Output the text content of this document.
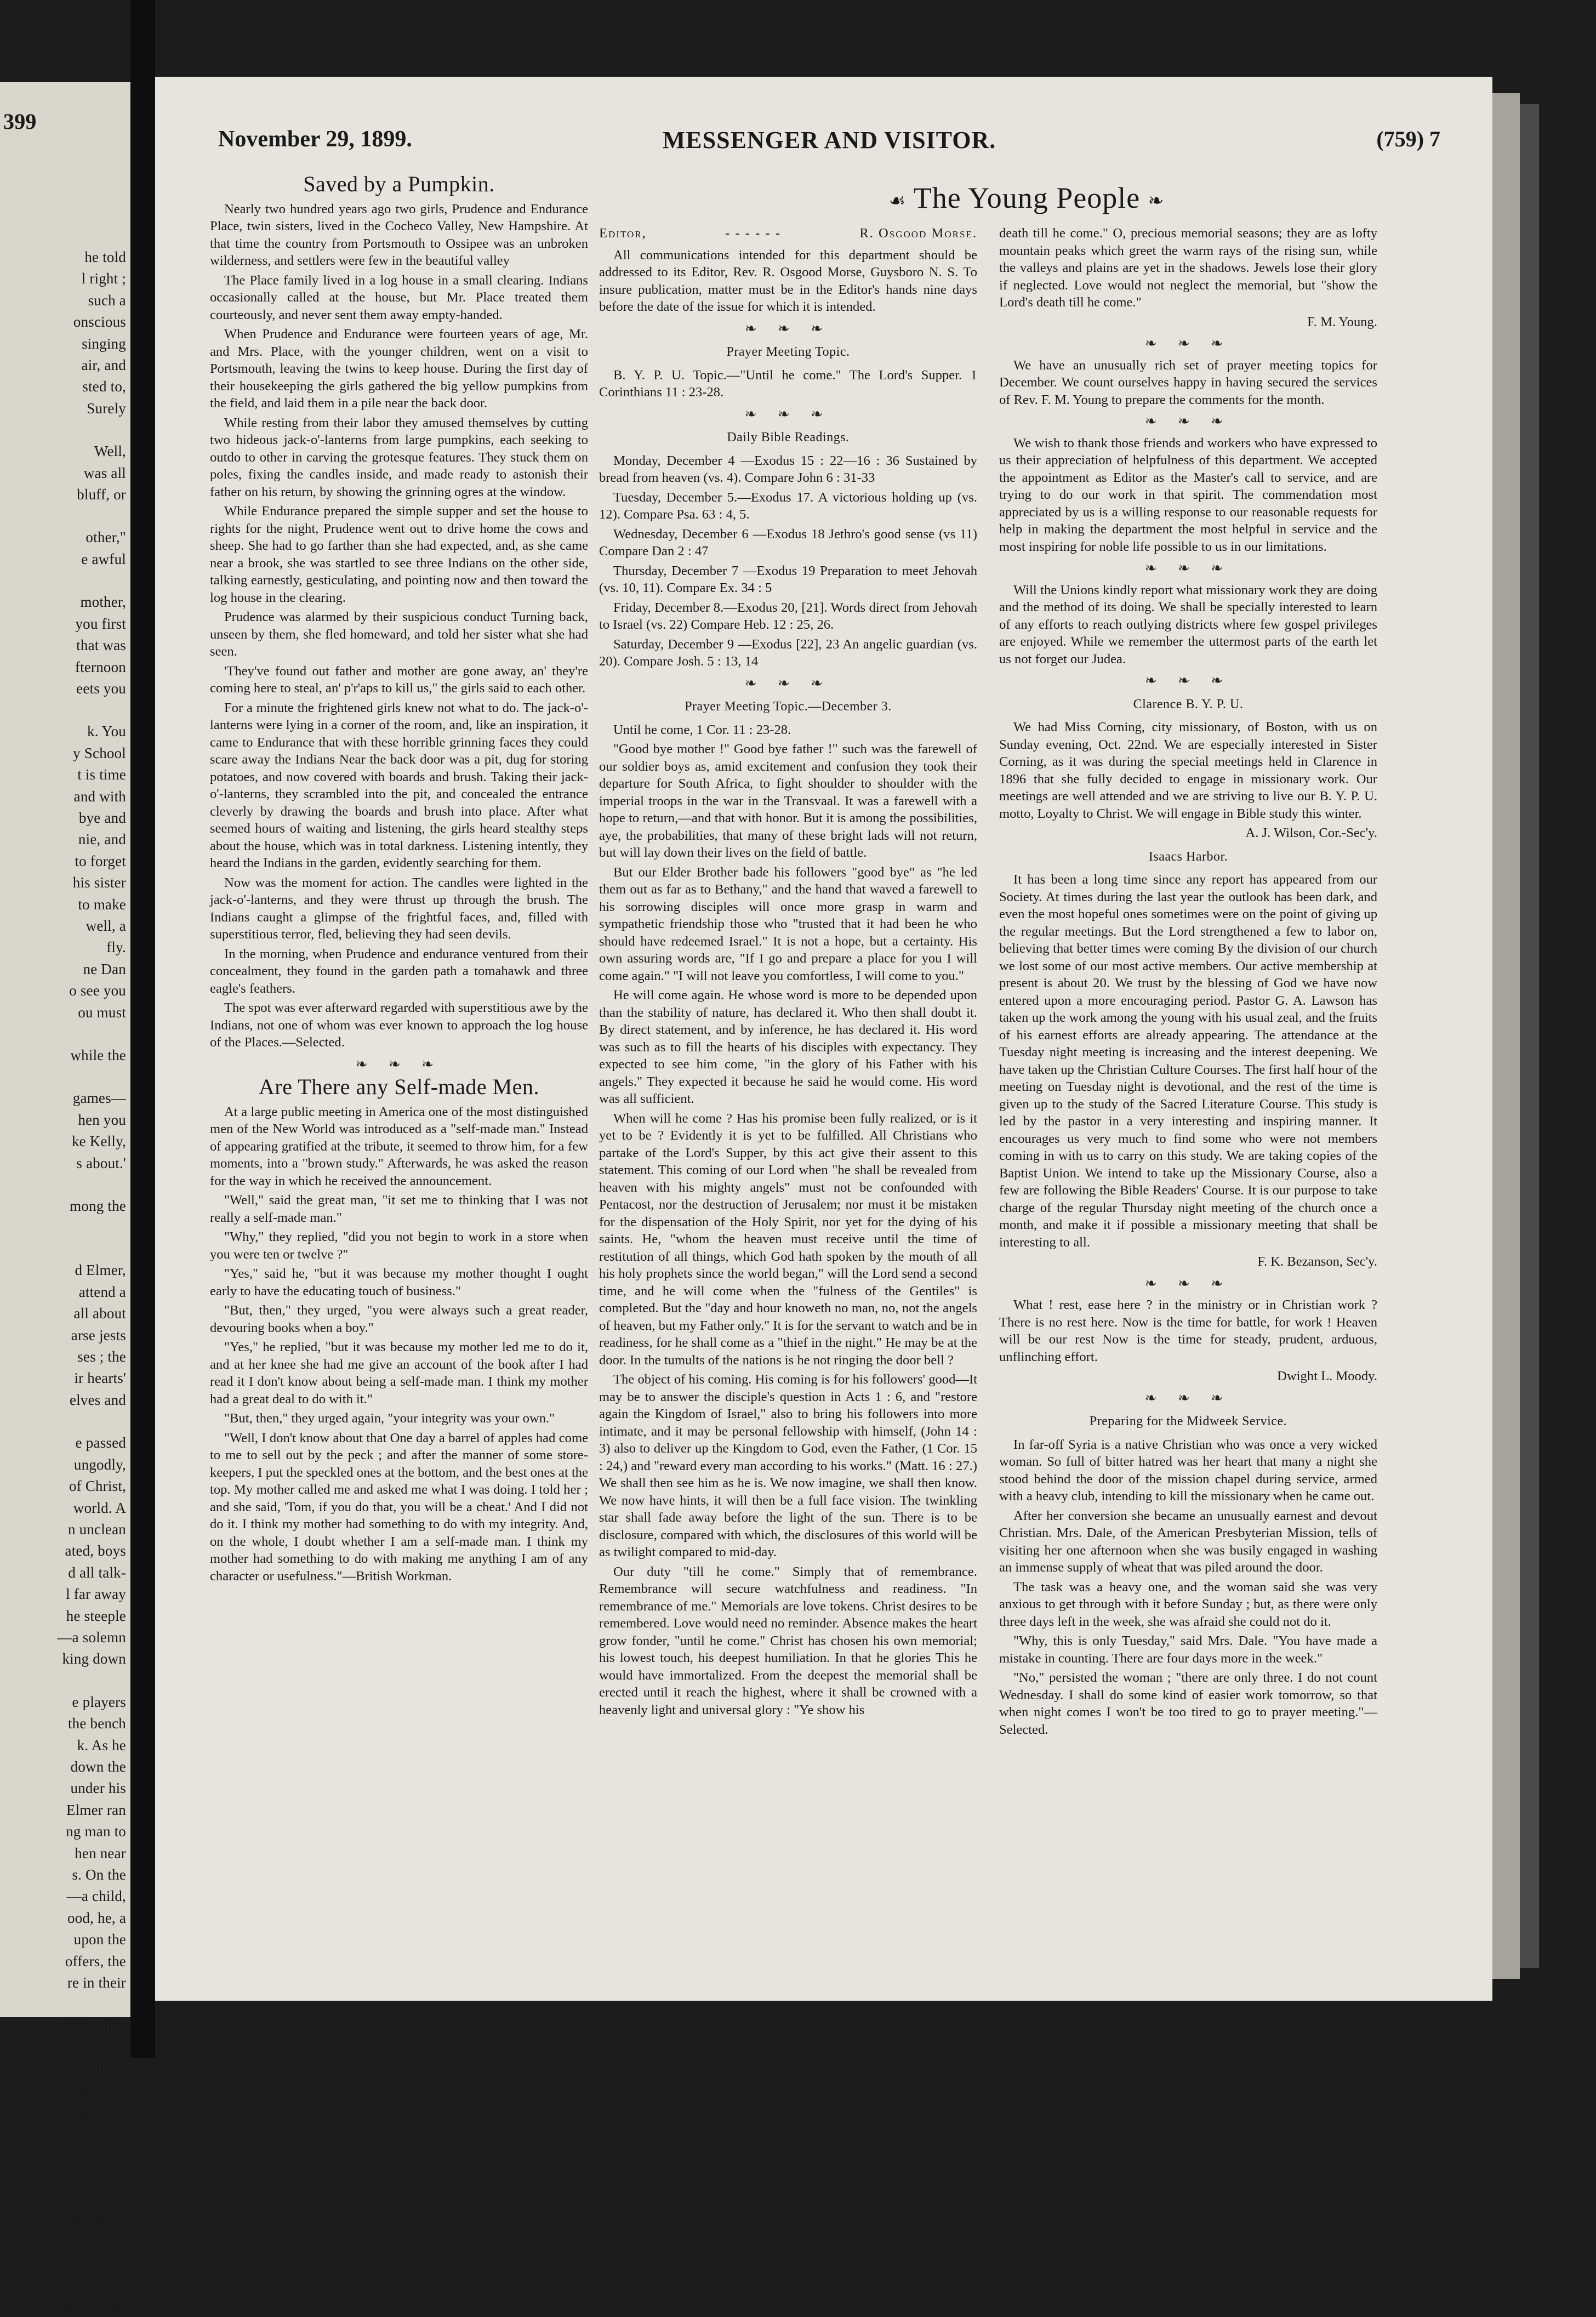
399
he told
l right ;
such a
onscious
singing
air, and
sted to,
Surely
Well,
was all
bluff, or
other,"
e awful
mother,
you first
that was
fternoon
eets you
k. You
y School
t is time
and with
bye and
nie, and
to forget
his sister
to make
well, a
fly.
ne Dan
o see you
ou must
while the
games—
hen you
ke Kelly,
s about.'
mong the
d Elmer,
attend a
all about
arse jests
ses ; the
ir hearts'
elves and
e passed
ungodly,
of Christ,
world. A
n unclean
ated, boys
d all talk-
l far away
he steeple
—a solemn
king down
e players
the bench
k. As he
down the
under his
Elmer ran
ng man to
hen near
s. On the
—a child,
ood, he, a
upon the
offers, the
re in their
room when
threw his
olboy.
went to the
njoy it. I
going any
rry."
nd saw the
was happy,
s he strode
he general
tween Ger-
November 29, 1899.	MESSENGER AND VISITOR.	(759) 7
☙ The Young People ❧
Saved by a Pumpkin.

Nearly two hundred years ago two girls, Prudence and Endurance Place, twin sisters, lived in the Cocheco Valley, New Hampshire. At that time the country from Portsmouth to Ossipee was an unbroken wilderness, and settlers were few in the beautiful valley

The Place family lived in a log house in a small clearing. Indians occasionally called at the house, but Mr. Place treated them courteously, and never sent them away empty-handed.

When Prudence and Endurance were fourteen years of age, Mr. and Mrs. Place, with the younger children, went on a visit to Portsmouth, leaving the twins to keep house. During the first day of their housekeeping the girls gathered the big yellow pumpkins from the field, and laid them in a pile near the back door.

While resting from their labor they amused themselves by cutting two hideous jack-o'-lanterns from large pumpkins, each seeking to outdo to other in carving the grotesque features. They stuck them on poles, fixing the candles inside, and made ready to astonish their father on his return, by showing the grinning ogres at the window.

While Endurance prepared the simple supper and set the house to rights for the night, Prudence went out to drive home the cows and sheep. She had to go farther than she had expected, and, as she came near a brook, she was startled to see three Indians on the other side, talking earnestly, gesticulating, and pointing now and then toward the log house in the clearing.

Prudence was alarmed by their suspicious conduct Turning back, unseen by them, she fled homeward, and told her sister what she had seen.

'They've found out father and mother are gone away, an' they're coming here to steal, an' p'r'aps to kill us," the girls said to each other.

For a minute the frightened girls knew not what to do. The jack-o'-lanterns were lying in a corner of the room, and, like an inspiration, it came to Endurance that with these horrible grinning faces they could scare away the Indians Near the back door was a pit, dug for storing potatoes, and now covered with boards and brush. Taking their jack-o'-lanterns, they scrambled into the pit, and concealed the entrance cleverly by drawing the boards and brush into place. After what seemed hours of waiting and listening, the girls heard stealthy steps about the house, which was in total darkness. Listening intently, they heard the Indians in the garden, evidently searching for them.

Now was the moment for action. The candles were lighted in the jack-o'-lanterns, and they were thrust up through the brush. The Indians caught a glimpse of the frightful faces, and, filled with superstitious terror, fled, believing they had seen devils.

In the morning, when Prudence and endurance ventured from their concealment, they found in the garden path a tomahawk and three eagle's feathers.

The spot was ever afterward regarded with superstitious awe by the Indians, not one of whom was ever known to approach the log house of the Places.—Selected.

❧ ❧ ❧
Are There any Self-made Men.

At a large public meeting in America one of the most distinguished men of the New World was introduced as a "self-made man." Instead of appearing gratified at the tribute, it seemed to throw him, for a few moments, into a "brown study." Afterwards, he was asked the reason for the way in which he received the announcement.

"Well," said the great man, "it set me to thinking that I was not really a self-made man."

"Why," they replied, "did you not begin to work in a store when you were ten or twelve ?"

"Yes," said he, "but it was because my mother thought I ought early to have the educating touch of business."

"But, then," they urged, "you were always such a great reader, devouring books when a boy."

"Yes," he replied, "but it was because my mother led me to do it, and at her knee she had me give an account of the book after I had read it I don't know about being a self-made man. I think my mother had a great deal to do with it."

"But, then," they urged again, "your integrity was your own."

"Well, I don't know about that One day a barrel of apples had come to me to sell out by the peck ; and after the manner of some store-keepers, I put the speckled ones at the bottom, and the best ones at the top. My mother called me and asked me what I was doing. I told her ; and she said, 'Tom, if you do that, you will be a cheat.' And I did not do it. I think my mother had something to do with my integrity. And, on the whole, I doubt whether I am a self-made man. I think my mother had something to do with making me anything I am of any character or usefulness."—British Workman.

Editor,	- - - - - -	R. Osgood Morse.

All communications intended for this department should be addressed to its Editor, Rev. R. Osgood Morse, Guysboro N. S. To insure publication, matter must be in the Editor's hands nine days before the date of the issue for which it is intended.

❧ ❧ ❧
Prayer Meeting Topic.

B. Y. P. U. Topic.—"Until he come." The Lord's Supper. 1 Corinthians 11 : 23-28.

❧ ❧ ❧
Daily Bible Readings.

Monday, December 4 —Exodus 15 : 22—16 : 36 Sustained by bread from heaven (vs. 4). Compare John 6 : 31-33

Tuesday, December 5.—Exodus 17. A victorious holding up (vs. 12). Compare Psa. 63 : 4, 5.

Wednesday, December 6 —Exodus 18 Jethro's good sense (vs 11) Compare Dan 2 : 47

Thursday, December 7 —Exodus 19 Preparation to meet Jehovah (vs. 10, 11). Compare Ex. 34 : 5

Friday, December 8.—Exodus 20, [21]. Words direct from Jehovah to Israel (vs. 22) Compare Heb. 12 : 25, 26.

Saturday, December 9 —Exodus [22], 23 An angelic guardian (vs. 20). Compare Josh. 5 : 13, 14

❧ ❧ ❧
Prayer Meeting Topic.—December 3.

Until he come, 1 Cor. 11 : 23-28.

"Good bye mother !" Good bye father !" such was the farewell of our soldier boys as, amid excitement and confusion they took their departure for South Africa, to fight shoulder to shoulder with the imperial troops in the war in the Transvaal. It was a farewell with a hope to return,—and that with honor. But it is among the possibilities, aye, the probabilities, that many of these bright lads will not return, but will lay down their lives on the field of battle.

But our Elder Brother bade his followers "good bye" as "he led them out as far as to Bethany," and the hand that waved a farewell to his sorrowing disciples will once more grasp in warm and sympathetic friendship those who "trusted that it had been he who should have redeemed Israel." It is not a hope, but a certainty. His own assuring words are, "If I go and prepare a place for you I will come again." "I will not leave you comfortless, I will come to you."

He will come again. He whose word is more to be depended upon than the stability of nature, has declared it. Who then shall doubt it. By direct statement, and by inference, he has declared it. His word was such as to fill the hearts of his disciples with expectancy. They expected to see him come, "in the glory of his Father with his angels." They expected it because he said he would come. His word was all sufficient.

When will he come ? Has his promise been fully realized, or is it yet to be ? Evidently it is yet to be fulfilled. All Christians who partake of the Lord's Supper, by this act give their assent to this statement. This coming of our Lord when "he shall be revealed from heaven with his mighty angels" must not be confounded with Pentacost, nor the destruction of Jerusalem; nor must it be mistaken for the dispensation of the Holy Spirit, nor yet for the dying of his saints. He, "whom the heaven must receive until the time of restitution of all things, which God hath spoken by the mouth of all his holy prophets since the world began," will the Lord send a second time, and he will come when the "fulness of the Gentiles" is completed. But the "day and hour knoweth no man, no, not the angels of heaven, but my Father only." It is for the servant to watch and be in readiness, for he shall come as a "thief in the night." He may be at the door. In the tumults of the nations is he not ringing the door bell ?

The object of his coming. His coming is for his followers' good—It may be to answer the disciple's question in Acts 1 : 6, and "restore again the Kingdom of Israel," also to bring his followers into more intimate, and it may be personal fellowship with himself, (John 14 : 3) also to deliver up the Kingdom to God, even the Father, (1 Cor. 15 : 24,) and "reward every man according to his works." (Matt. 16 : 27.) We shall then see him as he is. We now imagine, we shall then know. We now have hints, it will then be a full face vision. The twinkling star shall fade away before the light of the sun. There is to be disclosure, compared with which, the disclosures of this world will be as twilight compared to mid-day.

Our duty "till he come." Simply that of remembrance. Remembrance will secure watchfulness and readiness. "In remembrance of me." Memorials are love tokens. Christ desires to be remembered. Love would need no reminder. Absence makes the heart grow fonder, "until he come." Christ has chosen his own memorial; his lowest touch, his deepest humiliation. In that he glories This he would have immortalized. From the deepest the memorial shall be erected until it reach the highest, where it shall be crowned with a heavenly light and universal glory : "Ye show his

death till he come." O, precious memorial seasons; they are as lofty mountain peaks which greet the warm rays of the rising sun, while the valleys and plains are yet in the shadows. Jewels lose their glory if neglected. Love would not neglect the memorial, but "show the Lord's death till he come."

F. M. Young.
❧ ❧ ❧

We have an unusually rich set of prayer meeting topics for December. We count ourselves happy in having secured the services of Rev. F. M. Young to prepare the comments for the month.

❧ ❧ ❧

We wish to thank those friends and workers who have expressed to us their appreciation of helpfulness of this department. We accepted the appointment as Editor as the Master's call to service, and are trying to do our work in that spirit. The commendation most appreciated by us is a willing response to our reasonable requests for help in making the department the most helpful in service and the most inspiring for noble life possible to us in our limitations.

❧ ❧ ❧

Will the Unions kindly report what missionary work they are doing and the method of its doing. We shall be specially interested to learn of any efforts to reach outlying districts where few gospel privileges are enjoyed. While we remember the uttermost parts of the earth let us not forget our Judea.

❧ ❧ ❧
Clarence B. Y. P. U.

We had Miss Corning, city missionary, of Boston, with us on Sunday evening, Oct. 22nd. We are especially interested in Sister Corning, as it was during the special meetings held in Clarence in 1896 that she fully decided to engage in missionary work. Our meetings are well attended and we are striving to live our B. Y. P. U. motto, Loyalty to Christ. We will engage in Bible study this winter.

A. J. Wilson, Cor.-Sec'y.
Isaacs Harbor.

It has been a long time since any report has appeared from our Society. At times during the last year the outlook has been dark, and even the most hopeful ones sometimes were on the point of giving up the regular meetings. But the Lord strengthened a few to labor on, believing that better times were coming By the division of our church we lost some of our most active members. Our active membership at present is about 20. We trust by the blessing of God we have now entered upon a more encouraging period. Pastor G. A. Lawson has taken up the work among the young with his usual zeal, and the fruits of his earnest efforts are already appearing. The attendance at the Tuesday night meeting is increasing and the interest deepening. We have taken up the Christian Culture Courses. The first half hour of the meeting on Tuesday night is devotional, and the rest of the time is given up to the study of the Sacred Literature Course. This study is led by the pastor in a very interesting and inspiring manner. It encourages us very much to find some who were not members coming in with us to carry on this study. We are taking copies of the Baptist Union. We intend to take up the Missionary Course, also a few are following the Bible Readers' Course. It is our purpose to take charge of the regular Thursday night meeting of the church once a month, and make it if possible a missionary meeting that shall be interesting to all.

F. K. Bezanson, Sec'y.
❧ ❧ ❧

What ! rest, ease here ? in the ministry or in Christian work ? There is no rest here. Now is the time for battle, for work ! Heaven will be our rest Now is the time for steady, prudent, arduous, unflinching effort.

Dwight L. Moody.
❧ ❧ ❧
Preparing for the Midweek Service.

In far-off Syria is a native Christian who was once a very wicked woman. So full of bitter hatred was her heart that many a night she stood behind the door of the mission chapel during service, armed with a heavy club, intending to kill the missionary when he came out.

After her conversion she became an unusually earnest and devout Christian. Mrs. Dale, of the American Presbyterian Mission, tells of visiting her one afternoon when she was busily engaged in washing an immense supply of wheat that was piled around the door.

The task was a heavy one, and the woman said she was very anxious to get through with it before Sunday ; but, as there were only three days left in the week, she was afraid she could not do it.

"Why, this is only Tuesday," said Mrs. Dale. "You have made a mistake in counting. There are four days more in the week."

"No," persisted the woman ; "there are only three. I do not count Wednesday. I shall do some kind of easier work tomorrow, so that when night comes I won't be too tired to go to prayer meeting."—Selected.
